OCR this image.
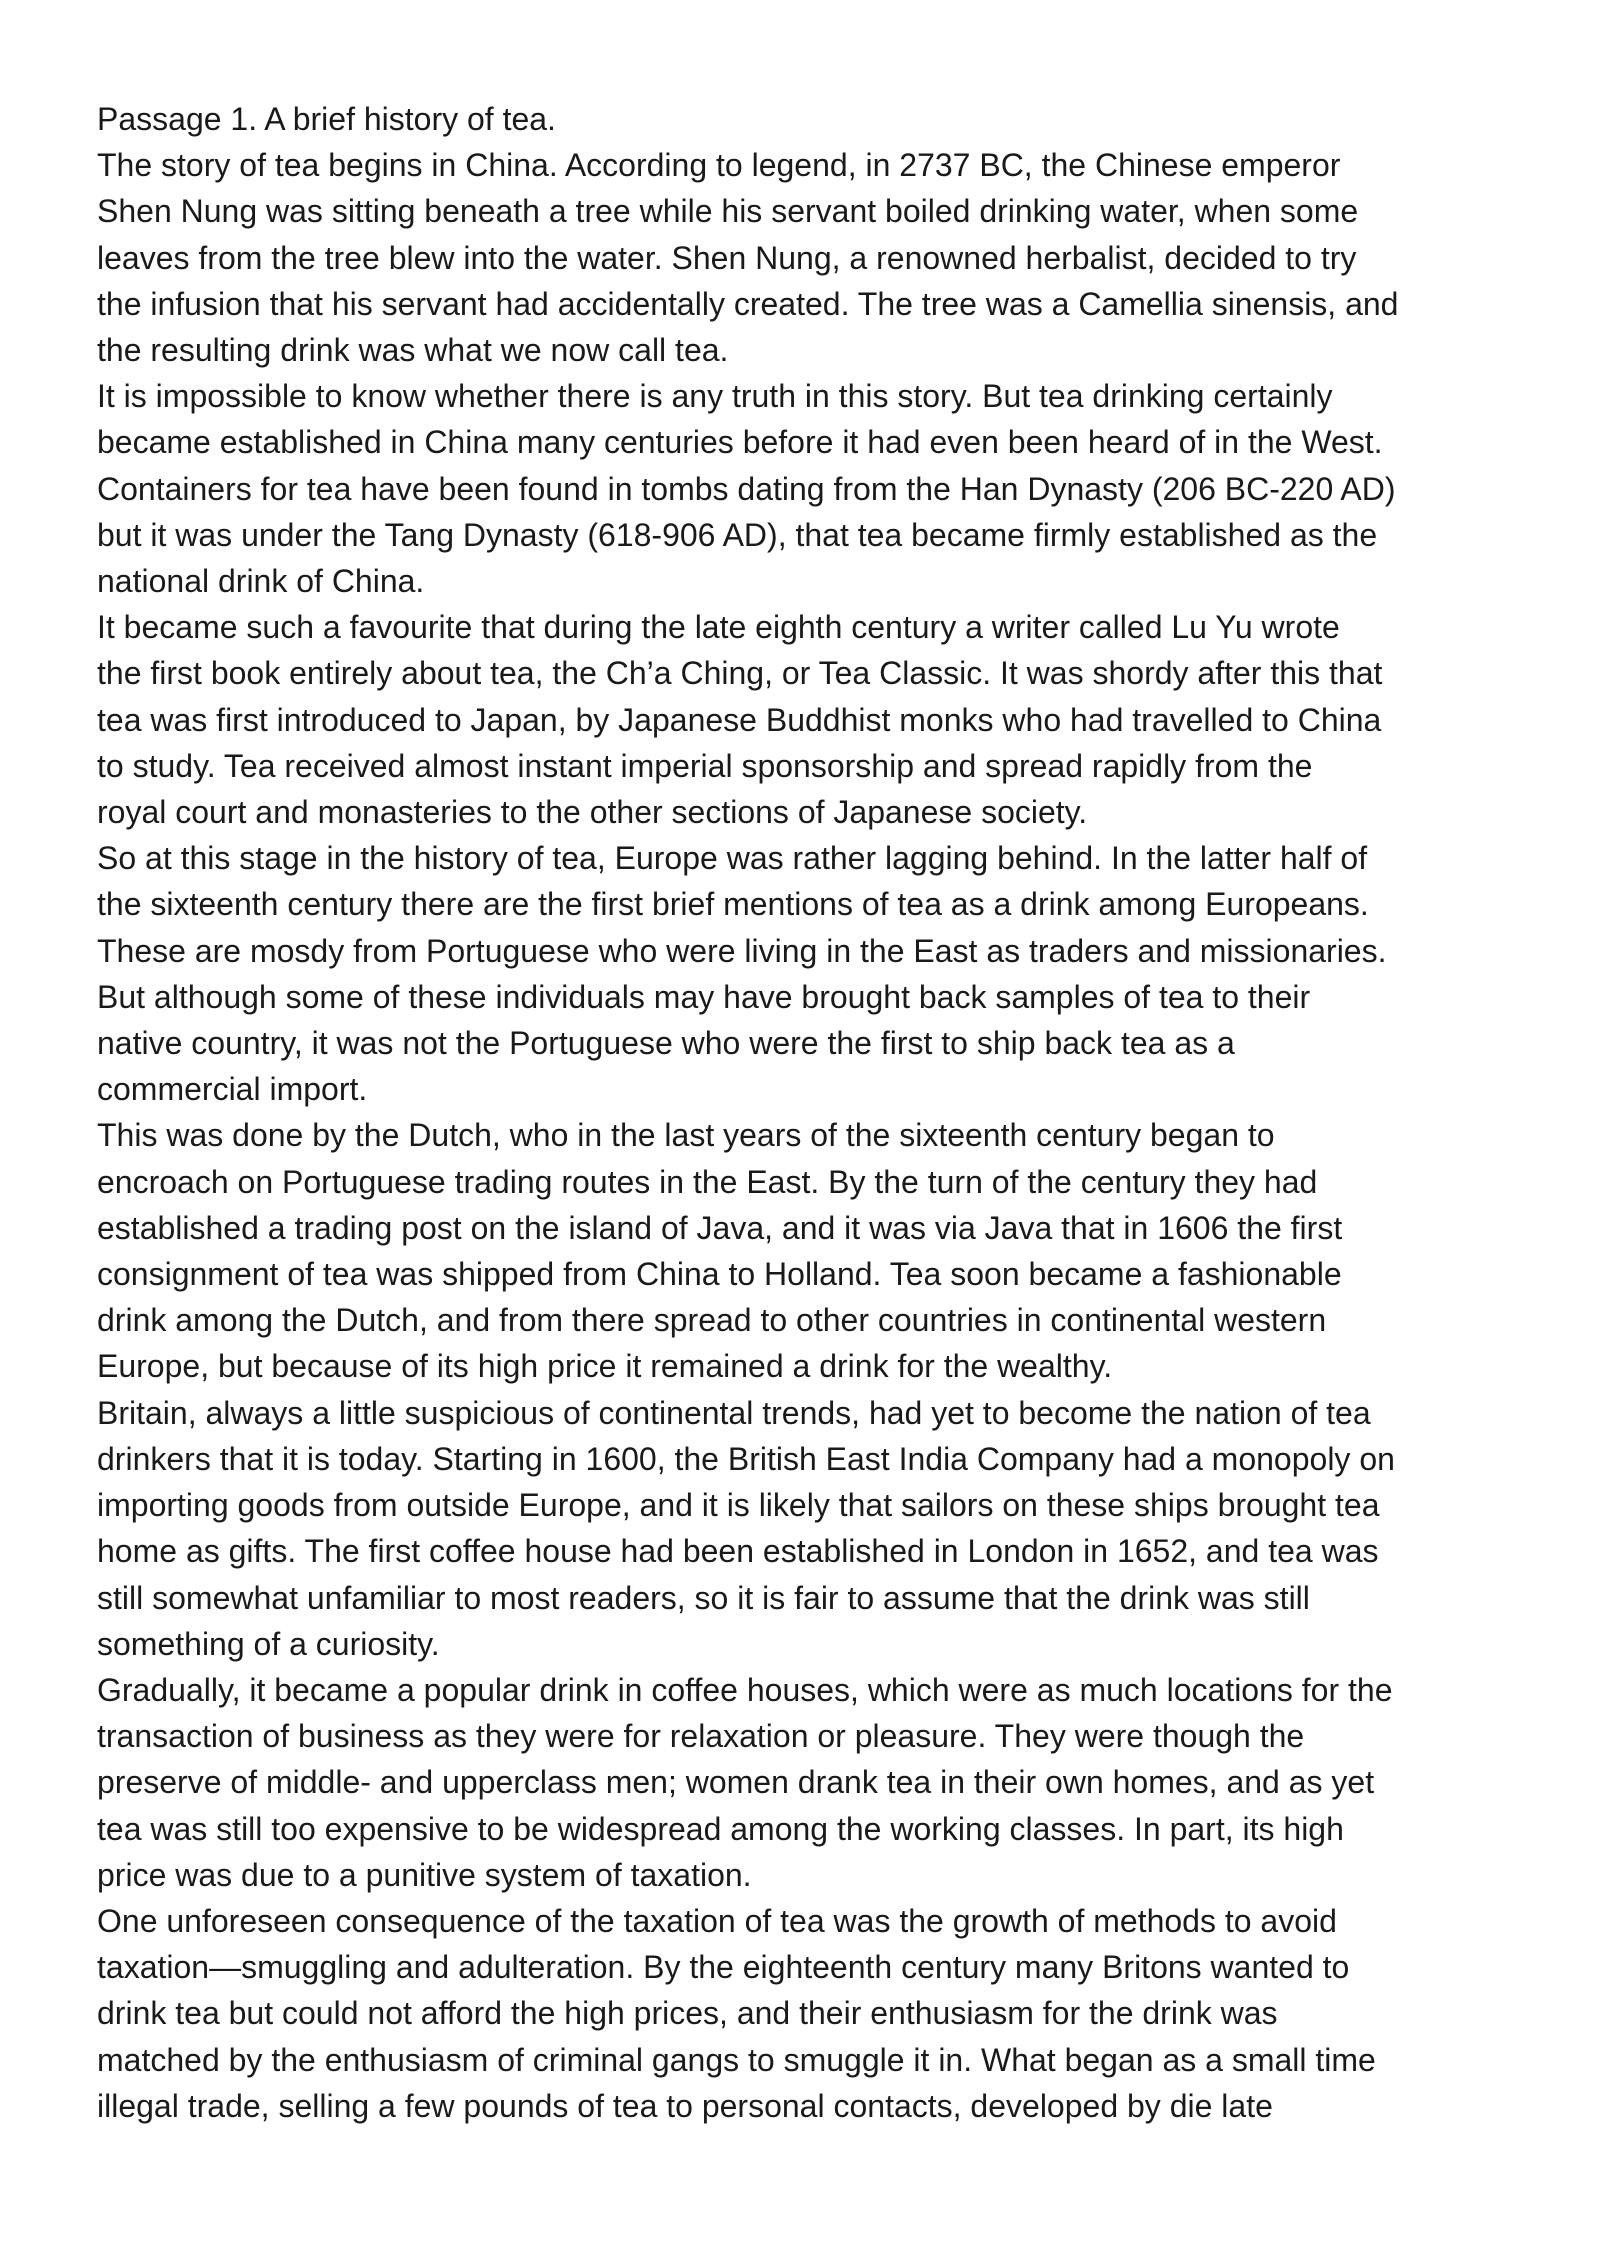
Passage 1. A brief history of tea.
The story of tea begins in China. According to legend, in 2737 BC, the Chinese emperor
Shen Nung was sitting beneath a tree while his servant boiled drinking water, when some
leaves from the tree blew into the water. Shen Nung, a renowned herbalist, decided to try
the infusion that his servant had accidentally created. The tree was a Camellia sinensis, and
the resulting drink was what we now call tea.
It is impossible to know whether there is any truth in this story. But tea drinking certainly
became established in China many centuries before it had even been heard of in the West.
Containers for tea have been found in tombs dating from the Han Dynasty (206 BC-220 AD)
but it was under the Tang Dynasty (618-906 AD), that tea became firmly established as the
national drink of China.
It became such a favourite that during the late eighth century a writer called Lu Yu wrote
the first book entirely about tea, the Ch’a Ching, or Tea Classic. It was shordy after this that
tea was first introduced to Japan, by Japanese Buddhist monks who had travelled to China
to study. Tea received almost instant imperial sponsorship and spread rapidly from the
royal court and monasteries to the other sections of Japanese society.
So at this stage in the history of tea, Europe was rather lagging behind. In the latter half of
the sixteenth century there are the first brief mentions of tea as a drink among Europeans.
These are mosdy from Portuguese who were living in the East as traders and missionaries.
But although some of these individuals may have brought back samples of tea to their
native country, it was not the Portuguese who were the first to ship back tea as a
commercial import.
This was done by the Dutch, who in the last years of the sixteenth century began to
encroach on Portuguese trading routes in the East. By the turn of the century they had
established a trading post on the island of Java, and it was via Java that in 1606 the first
consignment of tea was shipped from China to Holland. Tea soon became a fashionable
drink among the Dutch, and from there spread to other countries in continental western
Europe, but because of its high price it remained a drink for the wealthy.
Britain, always a little suspicious of continental trends, had yet to become the nation of tea
drinkers that it is today. Starting in 1600, the British East India Company had a monopoly on
importing goods from outside Europe, and it is likely that sailors on these ships brought tea
home as gifts. The first coffee house had been established in London in 1652, and tea was
still somewhat unfamiliar to most readers, so it is fair to assume that the drink was still
something of a curiosity.
Gradually, it became a popular drink in coffee houses, which were as much locations for the
transaction of business as they were for relaxation or pleasure. They were though the
preserve of middle- and upperclass men; women drank tea in their own homes, and as yet
tea was still too expensive to be widespread among the working classes. In part, its high
price was due to a punitive system of taxation.
One unforeseen consequence of the taxation of tea was the growth of methods to avoid
taxation—smuggling and adulteration. By the eighteenth century many Britons wanted to
drink tea but could not afford the high prices, and their enthusiasm for the drink was
matched by the enthusiasm of criminal gangs to smuggle it in. What began as a small time
illegal trade, selling a few pounds of tea to personal contacts, developed by die late
